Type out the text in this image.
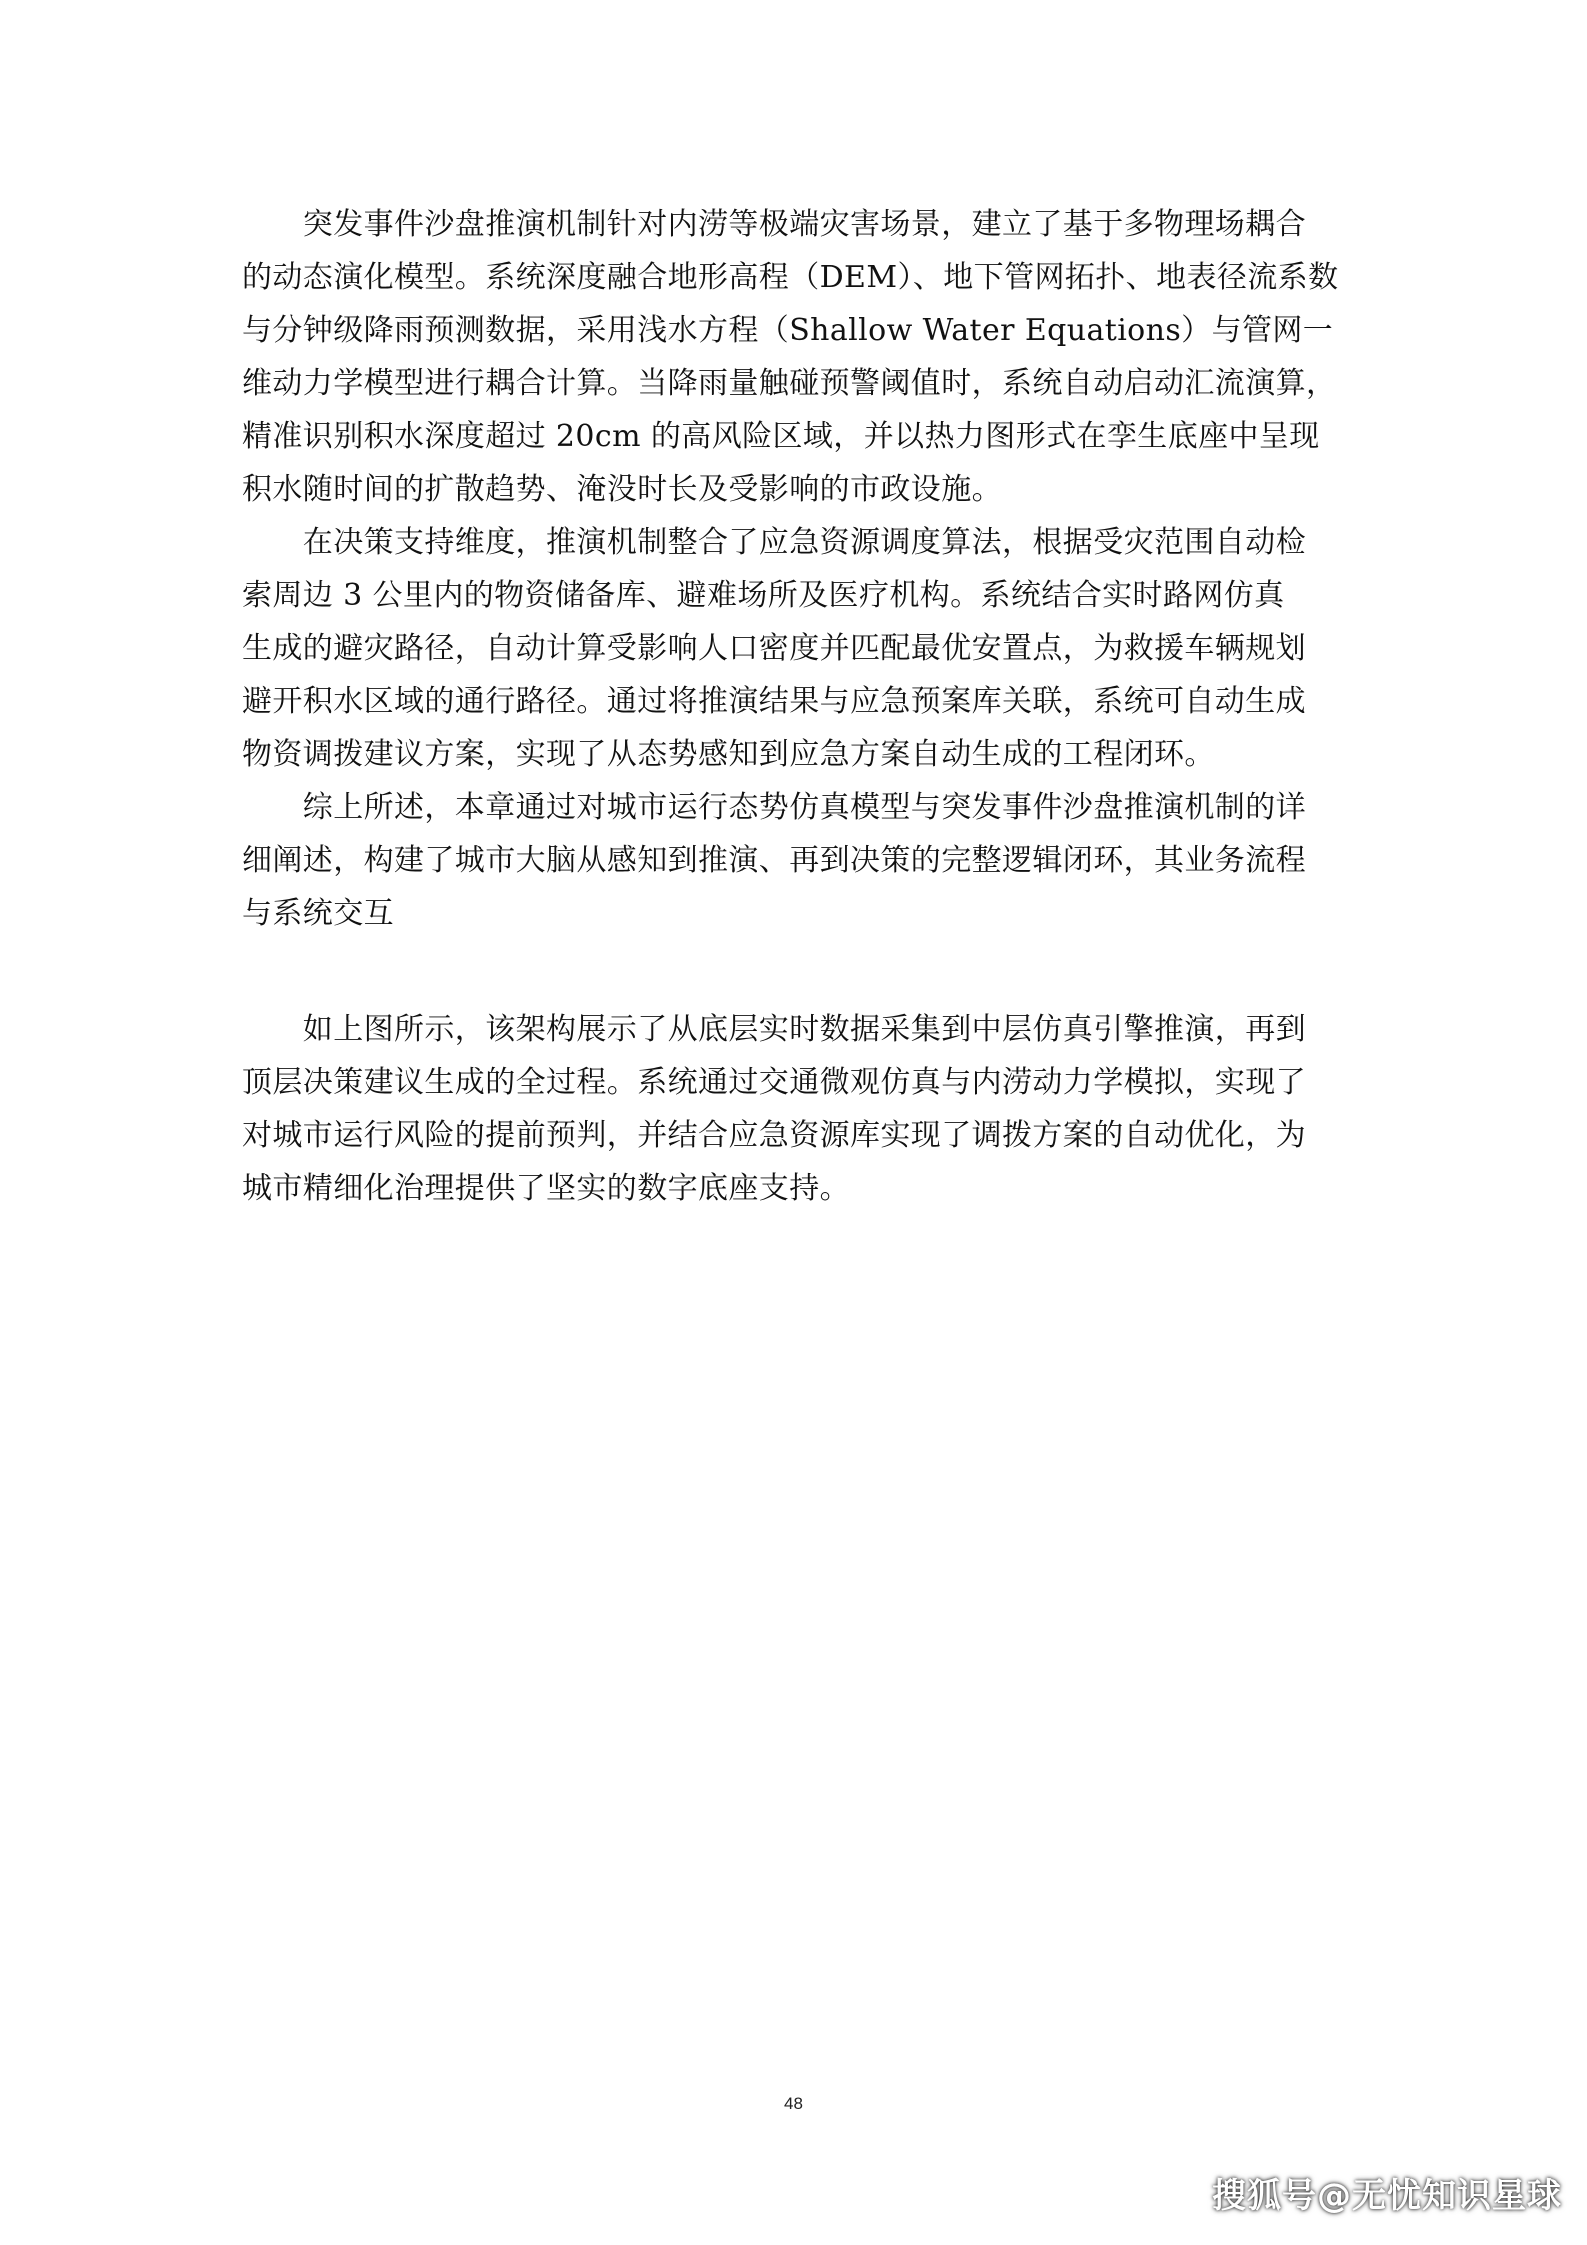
　　突发事件沙盘推演机制针对内涝等极端灾害场景，建立了基于多物理场耦合
的动态演化模型。系统深度融合地形高程（DEM）、地下管网拓扑、地表径流系数
与分钟级降雨预测数据，采用浅水方程（Shallow Water Equations）与管网一
维动力学模型进行耦合计算。当降雨量触碰预警阈值时，系统自动启动汇流演算，
精准识别积水深度超过 20cm 的高风险区域，并以热力图形式在孪生底座中呈现
积水随时间的扩散趋势、淹没时长及受影响的市政设施。
　　在决策支持维度，推演机制整合了应急资源调度算法，根据受灾范围自动检
索周边 3 公里内的物资储备库、避难场所及医疗机构。系统结合实时路网仿真
生成的避灾路径，自动计算受影响人口密度并匹配最优安置点，为救援车辆规划
避开积水区域的通行路径。通过将推演结果与应急预案库关联，系统可自动生成
物资调拨建议方案，实现了从态势感知到应急方案自动生成的工程闭环。
　　综上所述，本章通过对城市运行态势仿真模型与突发事件沙盘推演机制的详
细阐述，构建了城市大脑从感知到推演、再到决策的完整逻辑闭环，其业务流程
与系统交互
　　如上图所示，该架构展示了从底层实时数据采集到中层仿真引擎推演，再到
顶层决策建议生成的全过程。系统通过交通微观仿真与内涝动力学模拟，实现了
对城市运行风险的提前预判，并结合应急资源库实现了调拨方案的自动优化，为
城市精细化治理提供了坚实的数字底座支持。
48
搜狐号@无忧知识星球
